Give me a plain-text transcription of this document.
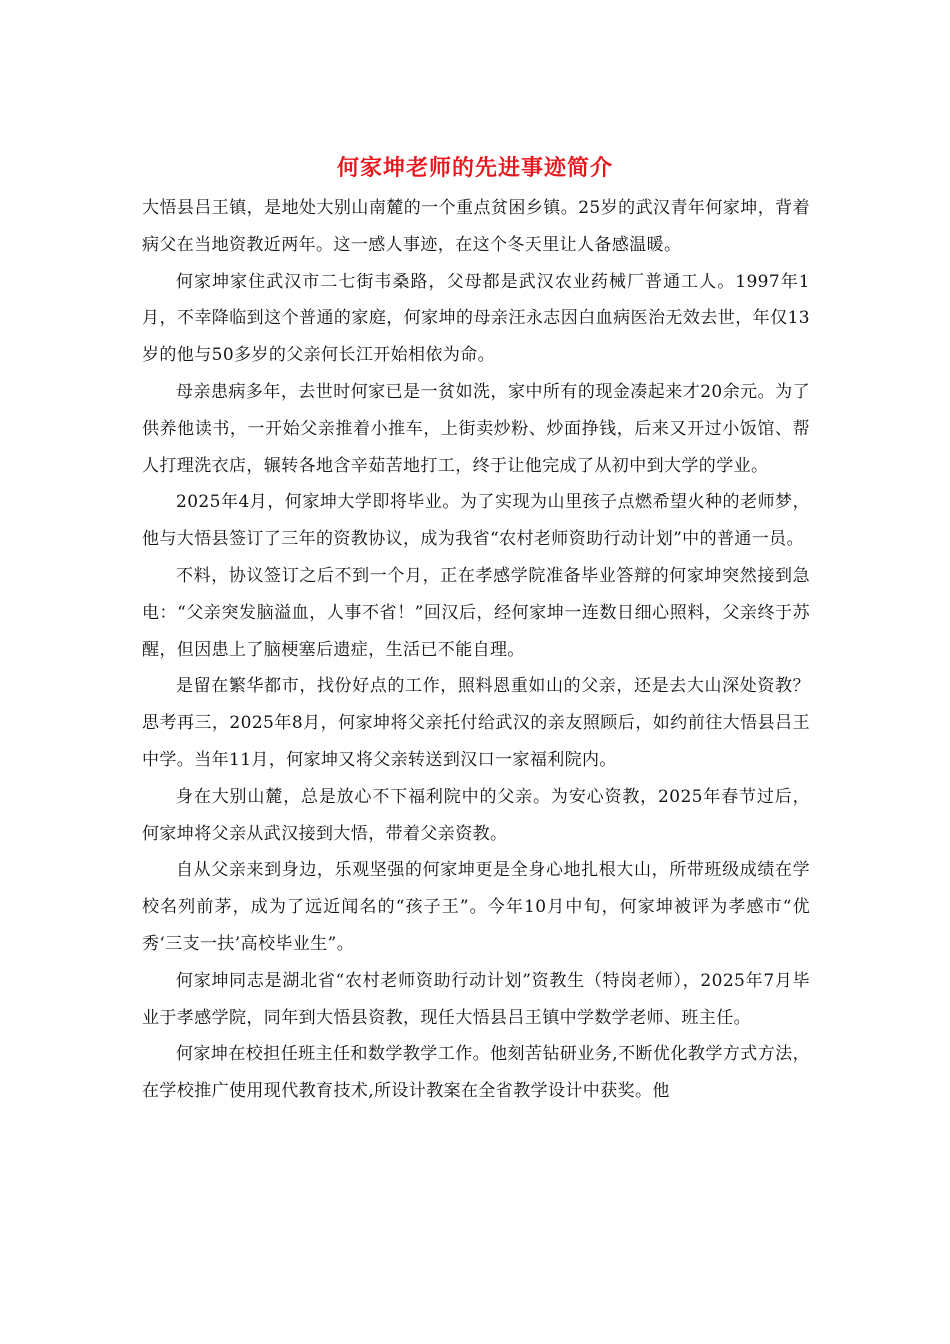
何家坤老师的先进事迹简介

大悟县吕王镇，是地处大别山南麓的一个重点贫困乡镇。25岁的武汉青年何家坤，背着病父在当地资教近两年。这一感人事迹，在这个冬天里让人备感温暖。

何家坤家住武汉市二七街韦桑路，父母都是武汉农业药械厂普通工人。1997年1月，不幸降临到这个普通的家庭，何家坤的母亲汪永志因白血病医治无效去世，年仅13岁的他与50多岁的父亲何长江开始相依为命。

母亲患病多年，去世时何家已是一贫如洗，家中所有的现金凑起来才20余元。为了供养他读书，一开始父亲推着小推车，上街卖炒粉、炒面挣钱，后来又开过小饭馆、帮人打理洗衣店，辗转各地含辛茹苦地打工，终于让他完成了从初中到大学的学业。

2025年4月，何家坤大学即将毕业。为了实现为山里孩子点燃希望火种的老师梦，他与大悟县签订了三年的资教协议，成为我省“农村老师资助行动计划”中的普通一员。

不料，协议签订之后不到一个月，正在孝感学院准备毕业答辩的何家坤突然接到急电：“父亲突发脑溢血，人事不省！”回汉后，经何家坤一连数日细心照料，父亲终于苏醒，但因患上了脑梗塞后遗症，生活已不能自理。

是留在繁华都市，找份好点的工作，照料恩重如山的父亲，还是去大山深处资教？思考再三，2025年8月，何家坤将父亲托付给武汉的亲友照顾后，如约前往大悟县吕王中学。当年11月，何家坤又将父亲转送到汉口一家福利院内。

身在大别山麓，总是放心不下福利院中的父亲。为安心资教，2025年春节过后，何家坤将父亲从武汉接到大悟，带着父亲资教。

自从父亲来到身边，乐观坚强的何家坤更是全身心地扎根大山，所带班级成绩在学校名列前茅，成为了远近闻名的“孩子王”。今年10月中旬，何家坤被评为孝感市“优秀‘三支一扶’高校毕业生”。

何家坤同志是湖北省“农村老师资助行动计划”资教生（特岗老师），2025年7月毕业于孝感学院，同年到大悟县资教，现任大悟县吕王镇中学数学老师、班主任。

何家坤在校担任班主任和数学教学工作。他刻苦钻研业务,不断优化教学方式方法，在学校推广使用现代教育技术,所设计教案在全省教学设计中获奖。他
